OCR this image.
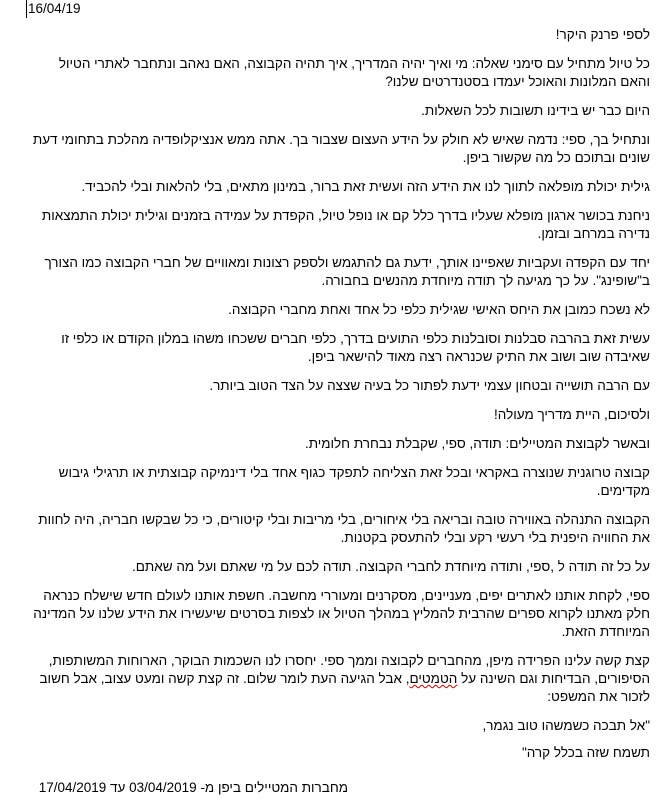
16/04/19

לספי פרנק היקר!

כל טיול מתחיל עם סימני שאלה: מי ואיך יהיה המדריך, איך תהיה הקבוצה, האם נאהב ונתחבר לאתרי הטיול והאם המלונות והאוכל יעמדו בסטנדרטים שלנו?

היום כבר יש בידינו תשובות לכל השאלות.

ונתחיל בך, ספי: נדמה שאיש לא חולק על הידע העצום שצבור בך. אתה ממש אנציקלופדיה מהלכת בתחומי דעת שונים ובתוכם כל מה שקשור ביפן.

גילית יכולת מופלאה לתווך לנו את הידע הזה ועשית זאת ברור, במינון מתאים, בלי להלאות ובלי להכביד.

ניחנת בכושר ארגון מופלא שעליו בדרך כלל קם או נופל טיול, הקפדת על עמידה בזמנים וגילית יכולת התמצאות נדירה במרחב ובזמן.

יחד עם הקפדה ועקביות שאפיינו אותך, ידעת גם להתגמש ולספק רצונות ומאוויים של חברי הקבוצה כמו הצורך ב"שופינג". על כך מגיעה לך תודה מיוחדת מהנשים בחבורה.

לא נשכח כמובן את היחס האישי שגילית כלפי כל אחד ואחת מחברי הקבוצה.

עשית זאת בהרבה סבלנות וסובלנות כלפי התועים בדרך, כלפי חברים ששכחו משהו במלון הקודם או כלפי זו שאיבדה שוב ושוב את התיק שכנראה רצה מאוד להישאר ביפן.

עם הרבה תושייה ובטחון עצמי ידעת לפתור כל בעיה שצצה על הצד הטוב ביותר.

ולסיכום, היית מדריך מעולה!

ובאשר לקבוצת המטיילים: תודה, ספי, שקבלת נבחרת חלומית.

קבוצה טרוגנית שנוצרה באקראי ובכל זאת הצליחה לתפקד כגוף אחד בלי דינמיקה קבוצתית או תרגילי גיבוש מקדימים.

הקבוצה התנהלה באווירה טובה ובריאה בלי איחורים, בלי מריבות ובלי קיטורים, כי כל שבקשו חבריה, היה לחוות את החוויה היפנית בלי רעשי רקע ובלי להתעסק בקטנות.

על כל זה תודה ל ,ספי, ותודה מיוחדת לחברי הקבוצה. תודה לכם על מי שאתם ועל מה שאתם.

ספי, לקחת אותנו לאתרים יפים, מעניינים, מסקרנים ומעוררי מחשבה. חשפת אותנו לעולם חדש שישלח כנראה חלק מאתנו לקרוא ספרים שהרבית להמליץ במהלך הטיול או לצפות בסרטים שיעשירו את הידע שלנו על המדינה המיוחדת הזאת.

קצת קשה עלינו הפרידה מיפן, מהחברים לקבוצה וממך ספי. יחסרו לנו השכמות הבוקר, הארוחות המשותפות, הסיפורים, הבדיחות וגם השינה על הטמטים, אבל הגיעה העת לומר שלום. זה קצת קשה ומעט עצוב, אבל חשוב לזכור את המשפט:

"אל תבכה כשמשהו טוב נגמר,

תשמח שזה בכלל קרה"

מחברות המטיילים ביפן מ- 03/04/2019 עד 17/04/2019
